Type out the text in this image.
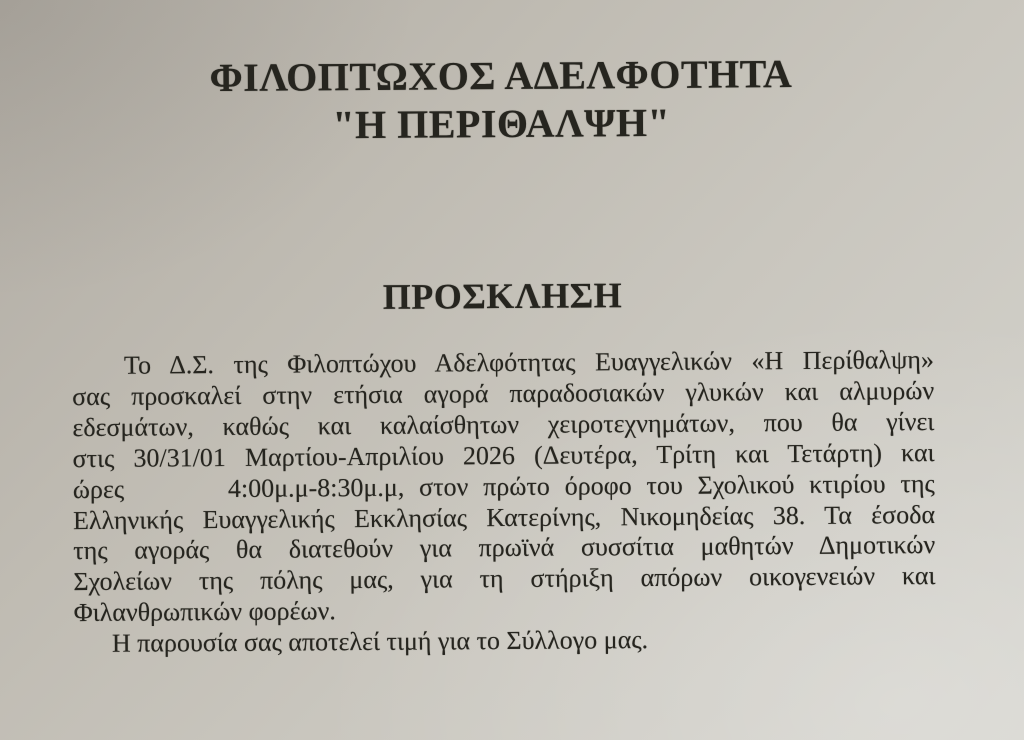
ΦΙΛΟΠΤΩΧΟΣ ΑΔΕΛΦΟΤΗΤΑ
"Η ΠΕΡΙΘΑΛΨΗ"
ΠΡΟΣΚΛΗΣΗ
Το Δ.Σ. της Φιλοπτώχου Αδελφότητας Ευαγγελικών «Η Περίθαλψη»
σας προσκαλεί στην ετήσια αγορά παραδοσιακών γλυκών και αλμυρών
εδεσμάτων, καθώς και καλαίσθητων χειροτεχνημάτων, που θα γίνει
στις 30/31/01 Μαρτίου-Απριλίου 2026 (Δευτέρα, Τρίτη και Τετάρτη) και
ώρες       4:00μ.μ-8:30μ.μ, στον πρώτο όροφο του Σχολικού κτιρίου της
Ελληνικής Ευαγγελικής Εκκλησίας Κατερίνης, Νικομηδείας 38. Τα έσοδα
της αγοράς θα διατεθούν για πρωϊνά συσσίτια μαθητών Δημοτικών
Σχολείων της πόλης μας, για τη στήριξη απόρων οικογενειών και
Φιλανθρωπικών φορέων.
Η παρουσία σας αποτελεί τιμή για το Σύλλογο μας.
